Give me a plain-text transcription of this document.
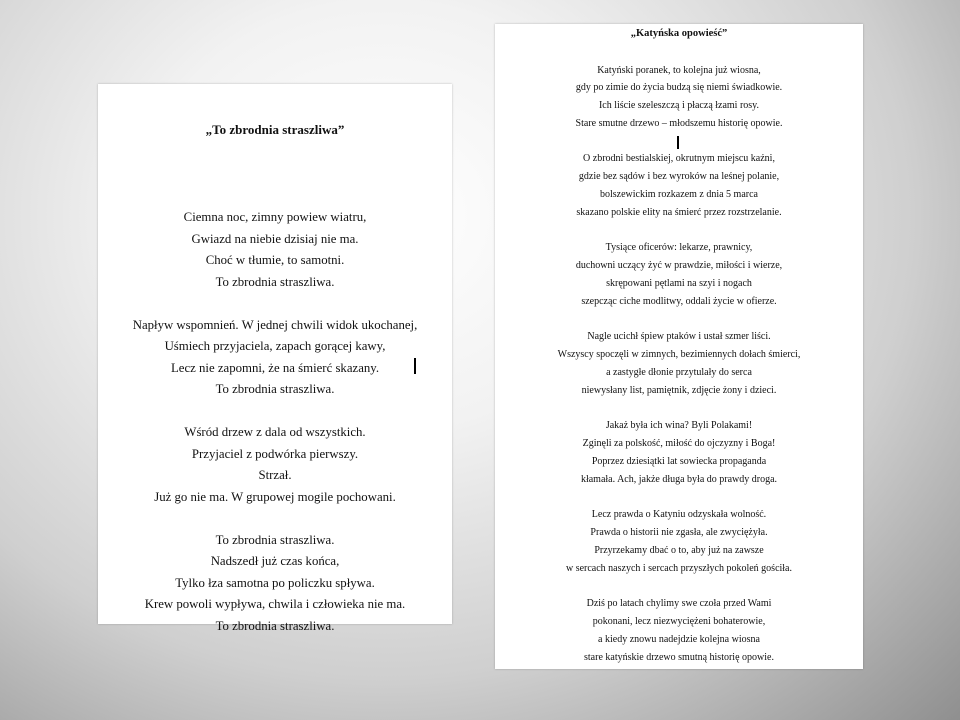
„To zbrodnia straszliwa”
Ciemna noc, zimny powiew wiatru,
Gwiazd na niebie dzisiaj nie ma.
Choć w tłumie, to samotni.
To zbrodnia straszliwa.
Napływ wspomnień. W jednej chwili widok ukochanej,
Uśmiech przyjaciela, zapach gorącej kawy,
Lecz nie zapomni, że na śmierć skazany.
To zbrodnia straszliwa.
Wśród drzew z dala od wszystkich.
Przyjaciel z podwórka pierwszy.
Strzał.
Już go nie ma. W grupowej mogile pochowani.
To zbrodnia straszliwa.
Nadszedł już czas końca,
Tylko łza samotna po policzku spływa.
Krew powoli wypływa, chwila i człowieka nie ma.
To zbrodnia straszliwa.
„Katyńska opowieść”
Katyński poranek, to kolejna już wiosna,
gdy po zimie do życia budzą się niemi świadkowie.
Ich liście szeleszczą i płaczą łzami rosy.
Stare smutne drzewo – młodszemu historię opowie.
O zbrodni bestialskiej, okrutnym miejscu kaźni,
gdzie bez sądów i bez wyroków na leśnej polanie,
bolszewickim rozkazem z dnia 5 marca
skazano polskie elity na śmierć przez rozstrzelanie.
Tysiące oficerów: lekarze, prawnicy,
duchowni uczący żyć w prawdzie, miłości i wierze,
skrępowani pętlami na szyi i nogach
szepcząc ciche modlitwy, oddali życie w ofierze.
Nagle ucichł śpiew ptaków i ustał szmer liści.
Wszyscy spoczęli w zimnych, bezimiennych dołach śmierci,
a zastygłe dłonie przytulały do serca
niewysłany list, pamiętnik, zdjęcie żony i dzieci.
Jakaż była ich wina? Byli Polakami!
Zginęli za polskość, miłość do ojczyzny i Boga!
Poprzez dziesiątki lat sowiecka propaganda
kłamała. Ach, jakże długa była do prawdy droga.
Lecz prawda o Katyniu odzyskała wolność.
Prawda o historii nie zgasła, ale zwyciężyła.
Przyrzekamy dbać o to, aby już na zawsze
w sercach naszych i sercach przyszłych pokoleń gościła.
Dziś po latach chylimy swe czoła przed Wami
pokonani, lecz niezwyciężeni bohaterowie,
a kiedy znowu nadejdzie kolejna wiosna
stare katyńskie drzewo smutną historię opowie.
